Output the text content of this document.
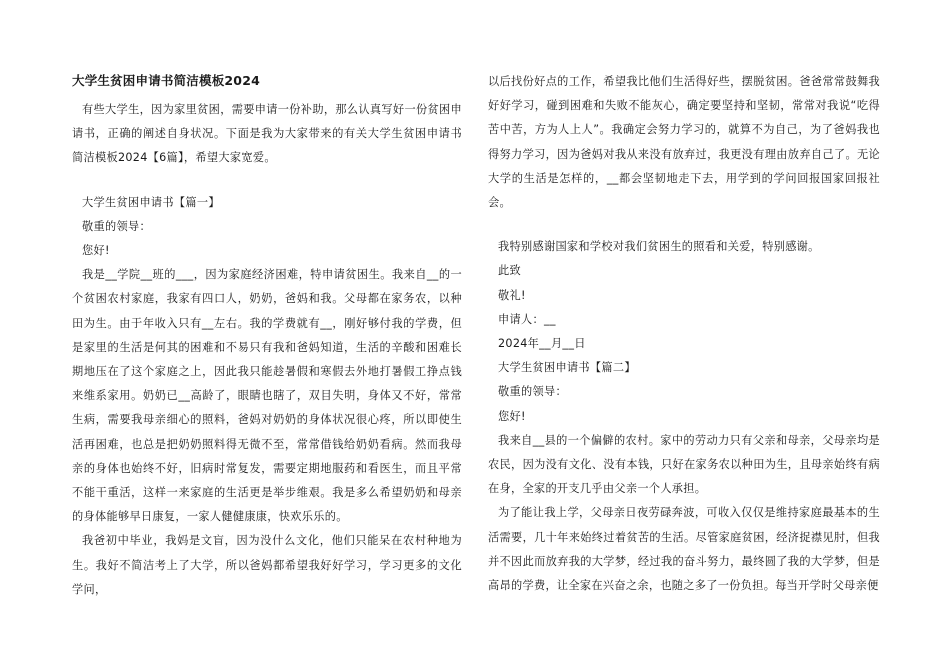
大学生贫困申请书简洁模板2024

有些大学生，因为家里贫困，需要申请一份补助，那么认真写好一份贫困申请书，正确的阐述自身状况。下面是我为大家带来的有关大学生贫困申请书简洁模板2024【6篇】，希望大家宽爱。

大学生贫困申请书【篇一】

敬重的领导：

您好!

我是__学院__班的___，因为家庭经济困难，特申请贫困生。我来自__的一个贫困农村家庭，我家有四口人，奶奶，爸妈和我。父母都在家务农，以种田为生。由于年收入只有__左右。我的学费就有__，刚好够付我的学费，但是家里的生活是何其的困难和不易只有我和爸妈知道，生活的辛酸和困难长期地压在了这个家庭之上，因此我只能趁暑假和寒假去外地打暑假工挣点钱来维系家用。奶奶已__高龄了，眼睛也瞎了，双目失明，身体又不好，常常生病，需要我母亲细心的照料，爸妈对奶奶的身体状况很心疼，所以即使生活再困难，也总是把奶奶照料得无微不至，常常借钱给奶奶看病。然而我母亲的身体也始终不好，旧病时常复发，需要定期地服药和看医生，而且平常不能干重活，这样一来家庭的生活更是举步维艰。我是多么希望奶奶和母亲的身体能够早日康复，一家人健健康康，快欢乐乐的。

我爸初中毕业，我妈是文盲，因为没什么文化，他们只能呆在农村种地为生。我好不简洁考上了大学，所以爸妈都希望我好好学习，学习更多的文化学问，

以后找份好点的工作，希望我比他们生活得好些，摆脱贫困。爸爸常常鼓舞我好好学习，碰到困难和失败不能灰心，确定要坚持和坚韧，常常对我说“吃得苦中苦，方为人上人”。我确定会努力学习的，就算不为自己，为了爸妈我也得努力学习，因为爸妈对我从来没有放弃过，我更没有理由放弃自己了。无论大学的生活是怎样的，__都会坚韧地走下去，用学到的学问回报国家回报社会。

我特别感谢国家和学校对我们贫困生的照看和关爱，特别感谢。

此致

敬礼!

申请人：__

2024年__月__日

大学生贫困申请书【篇二】

敬重的领导：

您好!

我来自__县的一个偏僻的农村。家中的劳动力只有父亲和母亲，父母亲均是农民，因为没有文化、没有本钱，只好在家务农以种田为生，且母亲始终有病在身，全家的开支几乎由父亲一个人承担。

为了能让我上学，父母亲日夜劳碌奔波，可收入仅仅是维持家庭最基本的生活需要，几十年来始终过着贫苦的生活。尽管家庭贫困，经济捉襟见肘，但我并不因此而放弃我的大学梦，经过我的奋斗努力，最终圆了我的大学梦，但是高昂的学费，让全家在兴奋之余，也随之多了一份负担。每当开学时父母亲便
